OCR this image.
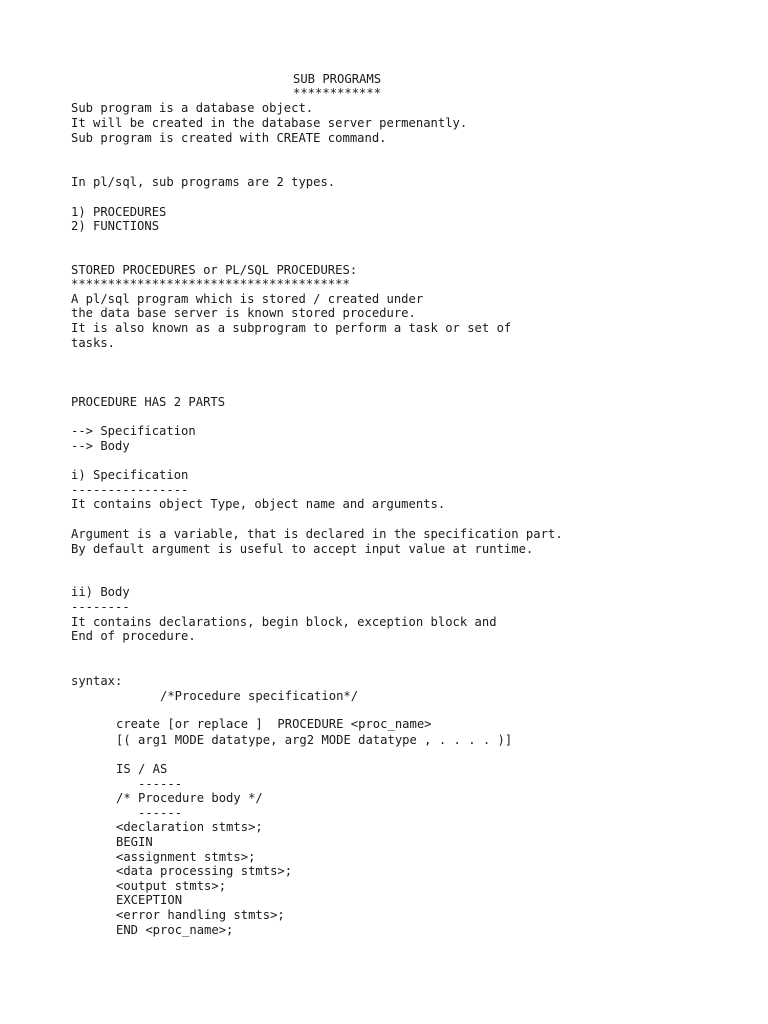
SUB PROGRAMS
************
Sub program is a database object.
It will be created in the database server permenantly.
Sub program is created with CREATE command.
In pl/sql, sub programs are 2 types.
1) PROCEDURES
2) FUNCTIONS
STORED PROCEDURES or PL/SQL PROCEDURES:
**************************************
A pl/sql program which is stored / created under
the data base server is known stored procedure.
It is also known as a subprogram to perform a task or set of
tasks.
PROCEDURE HAS 2 PARTS
--> Specification
--> Body
i) Specification
----------------
It contains object Type, object name and arguments.
Argument is a variable, that is declared in the specification part.
By default argument is useful to accept input value at runtime.
ii) Body
--------
It contains declarations, begin block, exception block and
End of procedure.
syntax:
/*Procedure specification*/
create [or replace ]  PROCEDURE <proc_name>
[( arg1 MODE datatype, arg2 MODE datatype , . . . . )]
IS / AS
------
/* Procedure body */
------
<declaration stmts>;
BEGIN
<assignment stmts>;
<data processing stmts>;
<output stmts>;
EXCEPTION
<error handling stmts>;
END <proc_name>;
